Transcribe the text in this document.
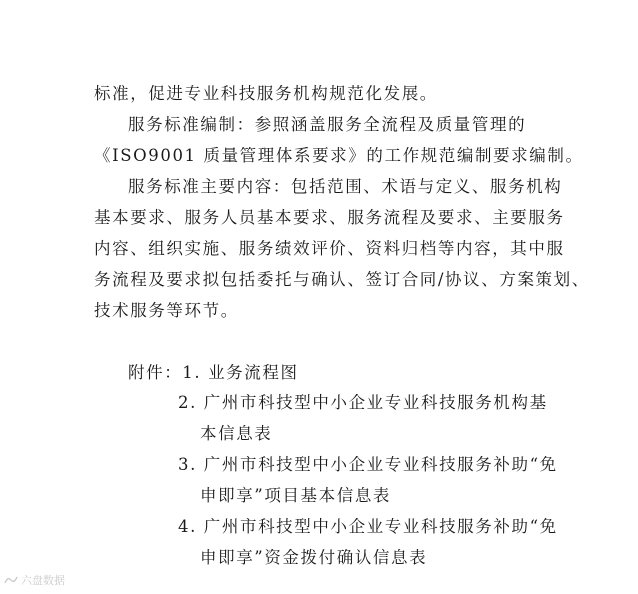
标准，促进专业科技服务机构规范化发展。
服务标准编制：参照涵盖服务全流程及质量管理的
《ISO9001 质量管理体系要求》的工作规范编制要求编制。
服务标准主要内容：包括范围、术语与定义、服务机构
基本要求、服务人员基本要求、服务流程及要求、主要服务
内容、组织实施、服务绩效评价、资料归档等内容，其中服
务流程及要求拟包括委托与确认、签订合同/协议、方案策划、
技术服务等环节。
附件：1. 业务流程图
2. 广州市科技型中小企业专业科技服务机构基
本信息表
3. 广州市科技型中小企业专业科技服务补助“免
申即享”项目基本信息表
4. 广州市科技型中小企业专业科技服务补助“免
申即享”资金拨付确认信息表
六盘数据
